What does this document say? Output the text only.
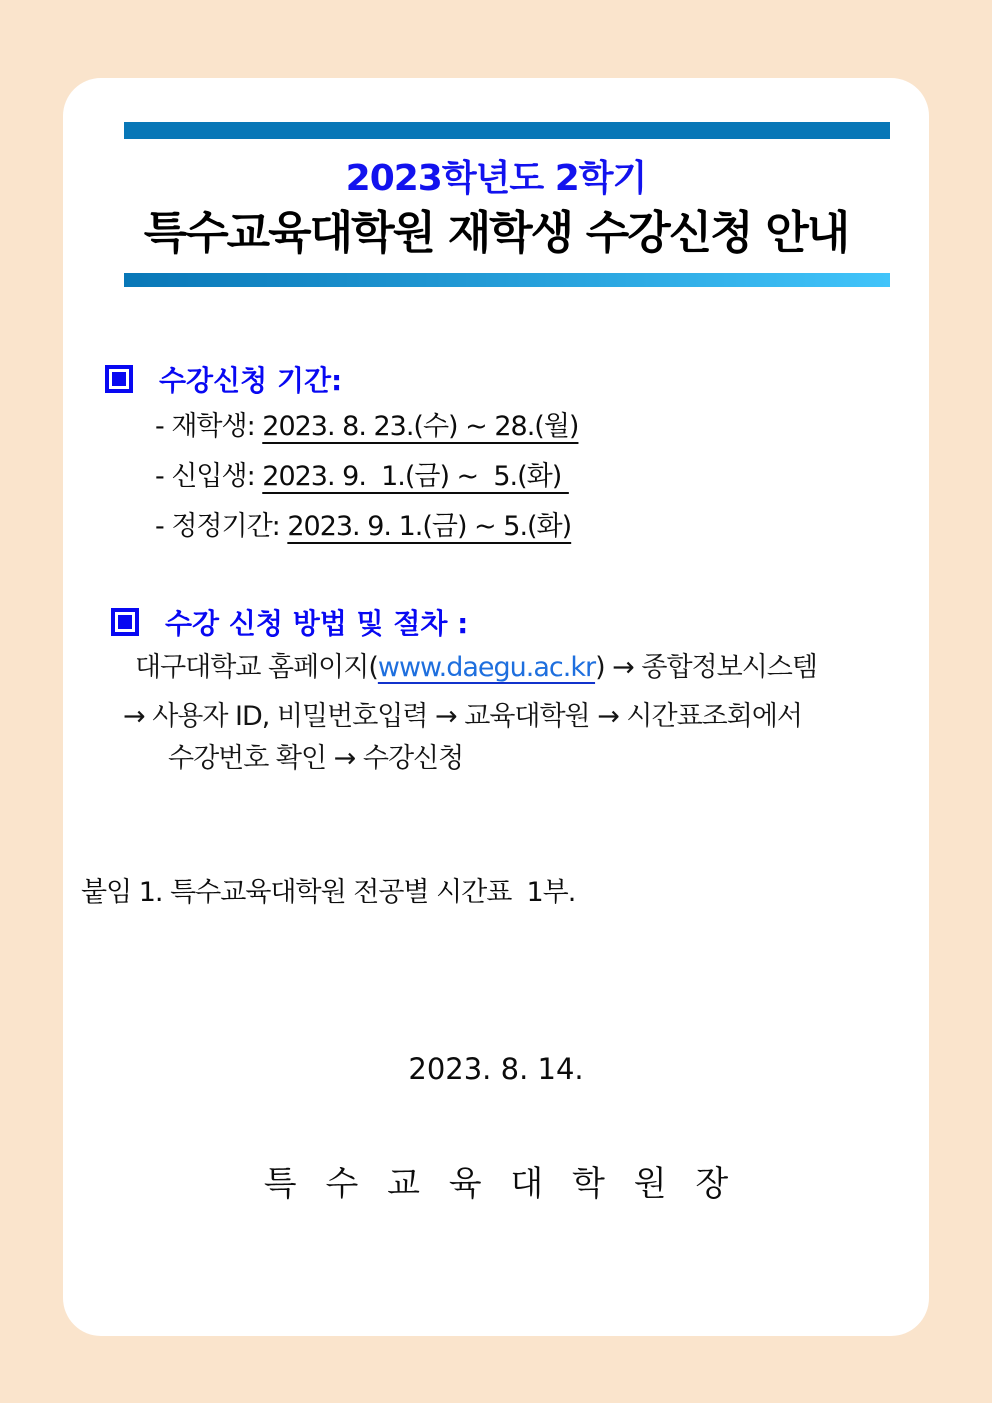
2023학년도 2학기
특수교육대학원 재학생 수강신청 안내
수강신청 기간:
- 재학생: 2023. 8. 23.(수) ~ 28.(월)
- 신입생: 2023. 9.  1.(금) ~  5.(화)
- 정정기간: 2023. 9. 1.(금) ~ 5.(화)
수강 신청 방법 및 절차 :
대구대학교 홈페이지(www.daegu.ac.kr) → 종합정보시스템
→ 사용자 ID, 비밀번호입력 → 교육대학원 → 시간표조회에서
수강번호 확인 → 수강신청
붙임 1. 특수교육대학원 전공별 시간표  1부.
2023. 8. 14.
특 수 교 육 대 학 원 장
